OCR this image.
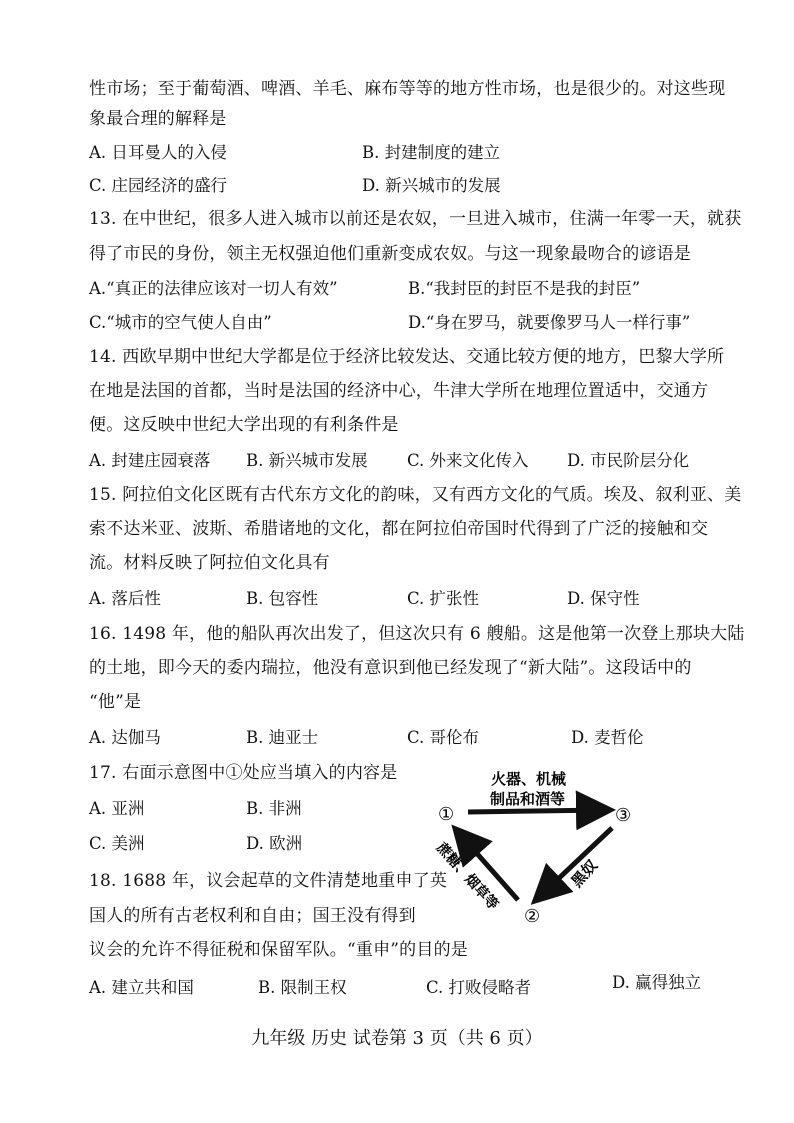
性市场；至于葡萄酒、啤酒、羊毛、麻布等等的地方性市场，也是很少的。对这些现
象最合理的解释是
A. 日耳曼人的入侵	B. 封建制度的建立
C. 庄园经济的盛行	D. 新兴城市的发展
13. 在中世纪，很多人进入城市以前还是农奴，一旦进入城市，住满一年零一天，就获
得了市民的身份，领主无权强迫他们重新变成农奴。与这一现象最吻合的谚语是
A.“真正的法律应该对一切人有效”	B.“我封臣的封臣不是我的封臣”
C.“城市的空气使人自由”	D.“身在罗马，就要像罗马人一样行事”
14. 西欧早期中世纪大学都是位于经济比较发达、交通比较方便的地方，巴黎大学所
在地是法国的首都，当时是法国的经济中心，牛津大学所在地理位置适中，交通方
便。这反映中世纪大学出现的有利条件是
A. 封建庄园衰落 B. 新兴城市发展 C. 外来文化传入 D. 市民阶层分化
15. 阿拉伯文化区既有古代东方文化的韵味，又有西方文化的气质。埃及、叙利亚、美
索不达米亚、波斯、希腊诸地的文化，都在阿拉伯帝国时代得到了广泛的接触和交
流。材料反映了阿拉伯文化具有
A. 落后性	B. 包容性	C. 扩张性	D. 保守性
16. 1498 年，他的船队再次出发了，但这次只有 6 艘船。这是他第一次登上那块大陆
的土地，即今天的委内瑞拉，他没有意识到他已经发现了“新大陆”。这段话中的
“他”是
A. 达伽马	B. 迪亚士	C. 哥伦布	D. 麦哲伦
17. 右面示意图中①处应当填入的内容是
A. 亚洲	B. 非洲
C. 美洲	D. 欧洲
火器、机械
制品和酒等
①	③
②
蔗糖、烟草等	黑奴
18. 1688 年，议会起草的文件清楚地重申了英
国人的所有古老权利和自由；国王没有得到
议会的允许不得征税和保留军队。“重申”的目的是
A. 建立共和国	B. 限制王权	C. 打败侵略者	D. 赢得独立
九年级 历史 试卷第 3 页（共 6 页）
